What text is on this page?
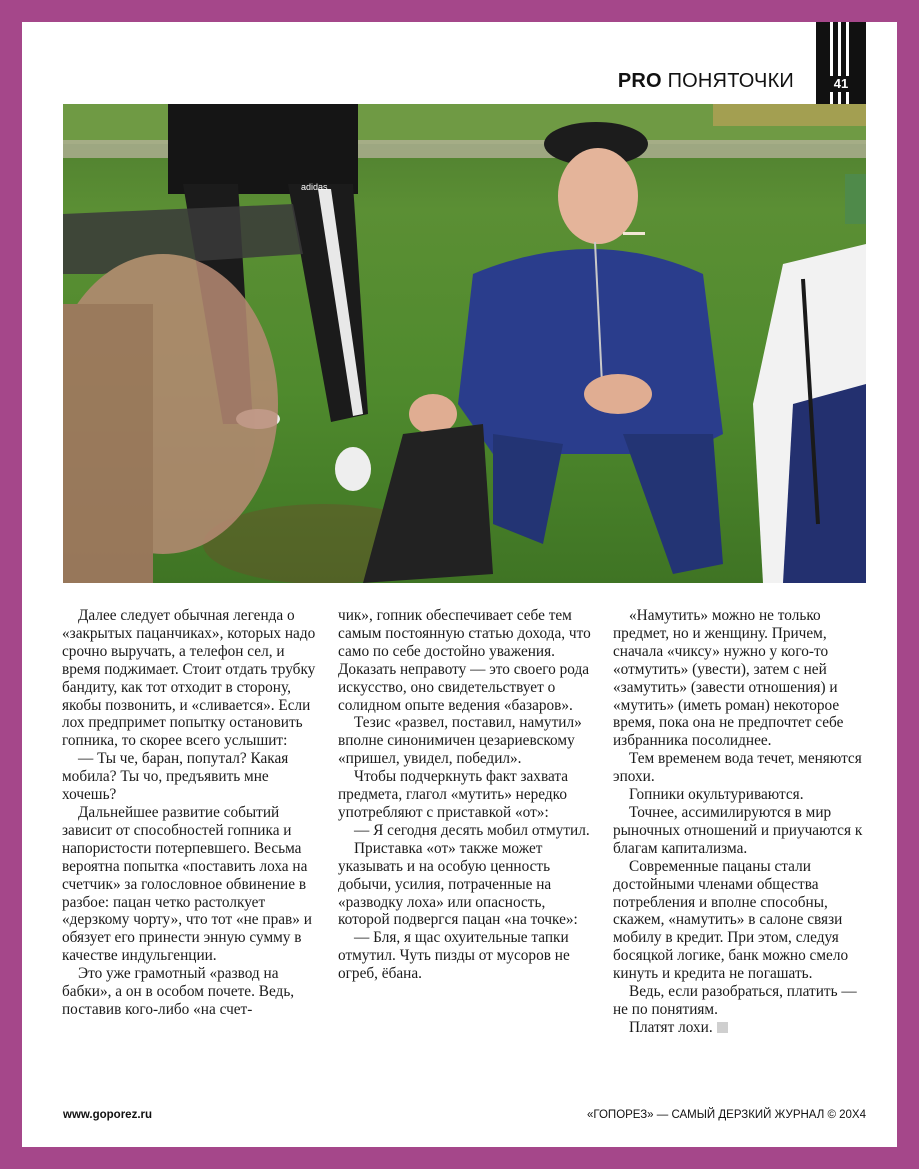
41
PRO ПОНЯТОЧКИ
adidas

Далее следует обычная легенда о «закрытых пацанчиках», которых надо срочно выручать, а телефон сел, и время поджимает. Стоит отдать трубку бандиту, как тот отходит в сторону, якобы позвонить, и «сливается». Если лох предпримет попытку остановить гопника, то скорее всего услышит:

— Ты че, баран, попутал? Какая мобила? Ты чо, предъявить мне хочешь?

Дальнейшее развитие событий зависит от способностей гопника и напористости потерпевшего. Весьма вероятна попытка «поставить лоха на счетчик» за голословное обвинение в разбое: пацан четко растолкует «дерзкому чорту», что тот «не прав» и обязует его принести энную сумму в качестве индульгенции.

Это уже грамотный «развод на бабки», а он в особом почете. Ведь, поставив кого-либо «на счет-

чик», гопник обеспечивает себе тем самым постоянную статью дохода, что само по себе достойно уважения. Доказать неправоту — это своего рода искусство, оно свидетельствует о солидном опыте ведения «базаров».

Тезис «развел, поставил, намутил» вполне синонимичен цезариевскому «пришел, увидел, победил».

Чтобы подчеркнуть факт захвата предмета, глагол «мутить» нередко употребляют с приставкой «от»:

— Я сегодня десять мобил отмутил.

Приставка «от» также может указывать и на особую ценность добычи, усилия, потраченные на «разводку лоха» или опасность, которой подвергся пацан «на точке»:

— Бля, я щас охуительные тапки отмутил. Чуть пизды от мусоров не огреб, ёбана.

«Намутить» можно не только предмет, но и женщину. Причем, сначала «чиксу» нужно у кого-то «отмутить» (увести), затем с ней «замутить» (завести отношения) и «мутить» (иметь роман) некоторое время, пока она не предпочтет себе избранника посолиднее.

Тем временем вода течет, меняются эпохи.

Гопники окультуриваются.

Точнее, ассимилируются в мир рыночных отношений и приучаются к благам капитализма.

Современные пацаны стали достойными членами общества потребления и вполне способны, скажем, «намутить» в салоне связи мобилу в кредит. При этом, следуя босяцкой логике, банк можно смело кинуть и кредита не погашать.

Ведь, если разобраться, платить — не по понятиям.

Платят лохи.

www.goporez.ru	«ГОПОРЕЗ» — САМЫЙ ДЕРЗКИЙ ЖУРНАЛ © 20X4
